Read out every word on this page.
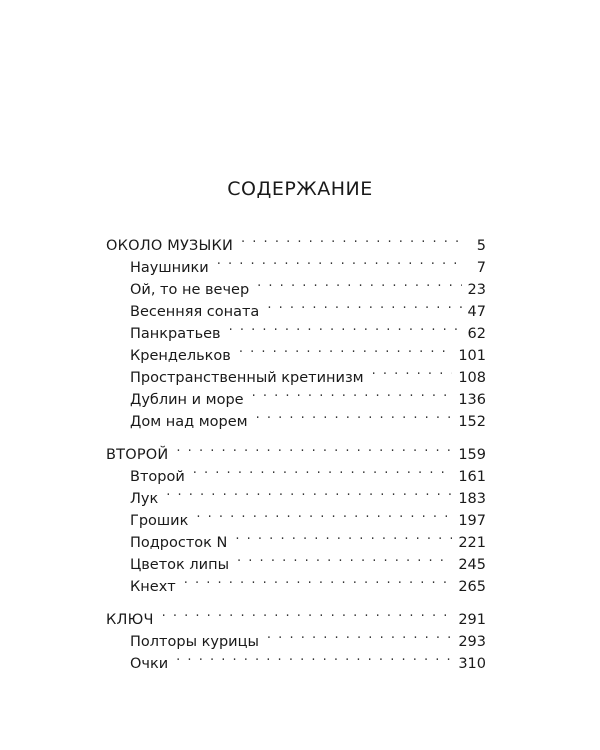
СОДЕРЖАНИЕ
ОКОЛО МУЗЫКИ . . .	5
Наушники . . .	7
Ой, то не вечер . . .	23
Весенняя соната . . .	47
Панкратьев . . .	62
Крендельков . . .	101
Пространственный кретинизм . . .	108
Дублин и море . . .	136
Дом над морем . . .	152
ВТОРОЙ . . .	159
Второй . . .	161
Лук . . .	183
Грошик . . .	197
Подросток N . . .	221
Цветок липы . . .	245
Кнехт . . .	265
КЛЮЧ . . .	291
Полторы курицы . . .	293
Очки . . .	310
